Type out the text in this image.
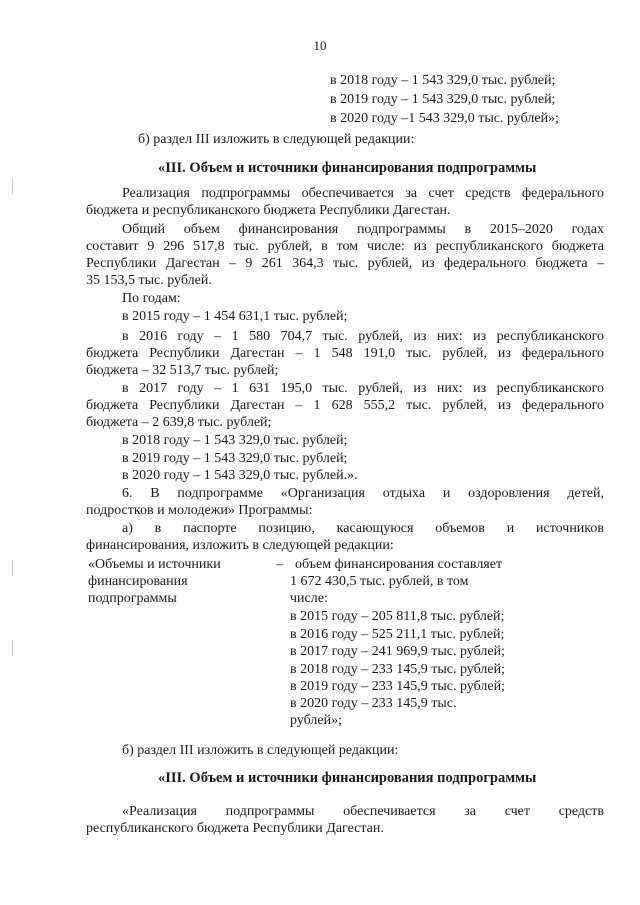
10
в 2018 году – 1 543 329,0 тыс. рублей;
в 2019 году – 1 543 329,0 тыс. рублей;
в 2020 году –1 543 329,0 тыс. рублей»;
б) раздел III изложить в следующей редакции:
«III. Объем и источники финансирования подпрограммы
Реализация подпрограммы обеспечивается за счет средств федерального
бюджета и республиканского бюджета Республики Дагестан.
Общий объем финансирования подпрограммы в 2015–2020 годах
составит 9 296 517,8 тыс. рублей, в том числе: из республиканского бюджета
Республики Дагестан – 9 261 364,3 тыс. рублей, из федерального бюджета –
35 153,5 тыс. рублей.
По годам:
в 2015 году – 1 454 631,1 тыс. рублей;
в 2016 году – 1 580 704,7 тыс. рублей, из них: из республиканского
бюджета Республики Дагестан – 1 548 191,0 тыс. рублей, из федерального
бюджета – 32 513,7 тыс. рублей;
в 2017 году – 1 631 195,0 тыс. рублей, из них: из республиканского
бюджета Республики Дагестан – 1 628 555,2 тыс. рублей, из федерального
бюджета – 2 639,8 тыс. рублей;
в 2018 году – 1 543 329,0 тыс. рублей;
в 2019 году – 1 543 329,0 тыс. рублей;
в 2020 году – 1 543 329,0 тыс. рублей.».
6. В подпрограмме «Организация отдыха и оздоровления детей,
подростков и молодежи» Программы:
а) в паспорте позицию, касающуюся объемов и источников
финансирования, изложить в следующей редакции:
«Объемы и источники
финансирования
подпрограммы
– объем финансирования составляет
1 672 430,5 тыс. рублей, в том
числе:
в 2015 году – 205 811,8 тыс. рублей;
в 2016 году – 525 211,1 тыс. рублей;
в 2017 году – 241 969,9 тыс. рублей;
в 2018 году – 233 145,9 тыс. рублей;
в 2019 году – 233 145,9 тыс. рублей;
в 2020 году – 233 145,9 тыс.
рублей»;
б) раздел III изложить в следующей редакции:
«III. Объем и источники финансирования подпрограммы
«Реализация подпрограммы обеспечивается за счет средств
республиканского бюджета Республики Дагестан.
